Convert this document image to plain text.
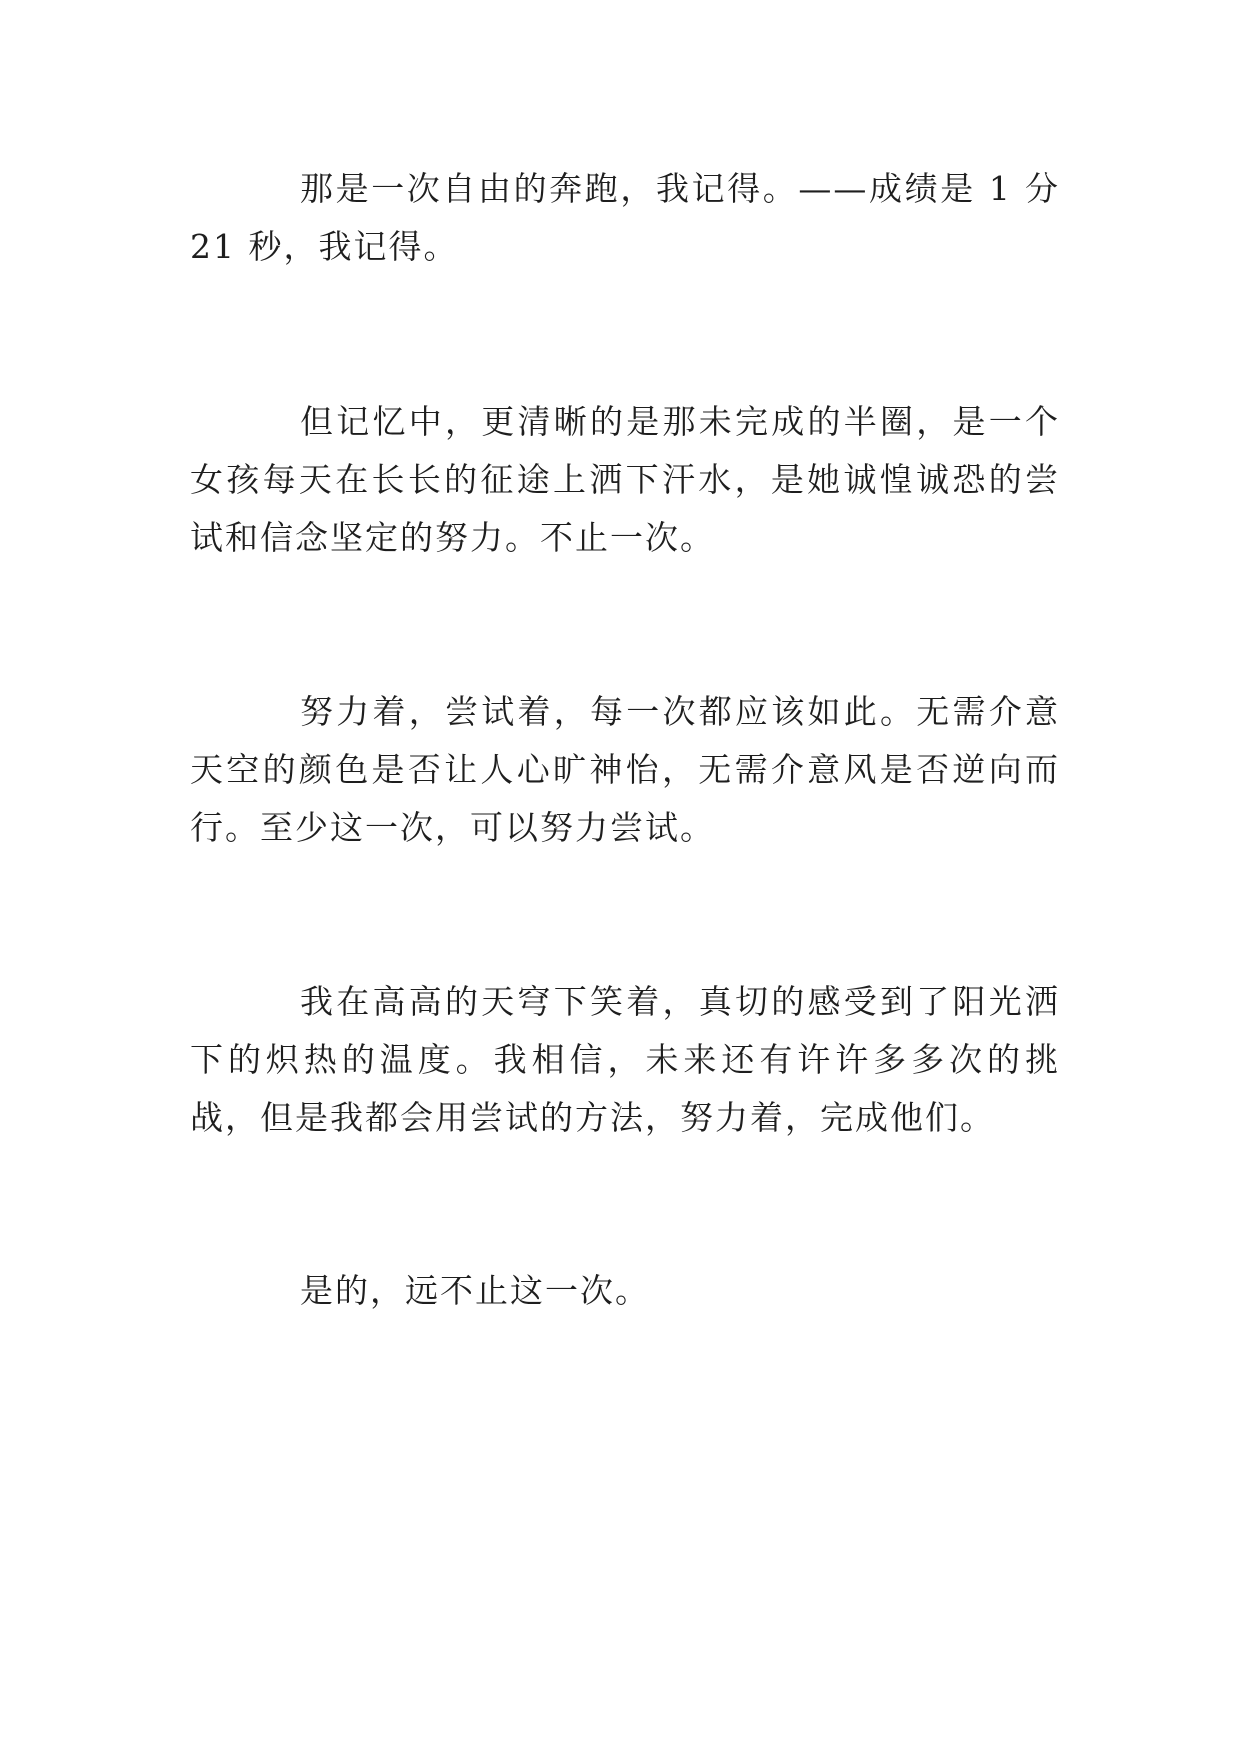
那是一次自由的奔跑，我记得。——成绩是 1 分 21 秒，我记得。

但记忆中，更清晰的是那未完成的半圈，是一个女孩每天在长长的征途上洒下汗水，是她诚惶诚恐的尝试和信念坚定的努力。不止一次。

努力着，尝试着，每一次都应该如此。无需介意天空的颜色是否让人心旷神怡，无需介意风是否逆向而行。至少这一次，可以努力尝试。

我在高高的天穹下笑着，真切的感受到了阳光洒下的炽热的温度。我相信，未来还有许许多多次的挑战，但是我都会用尝试的方法，努力着，完成他们。

是的，远不止这一次。
